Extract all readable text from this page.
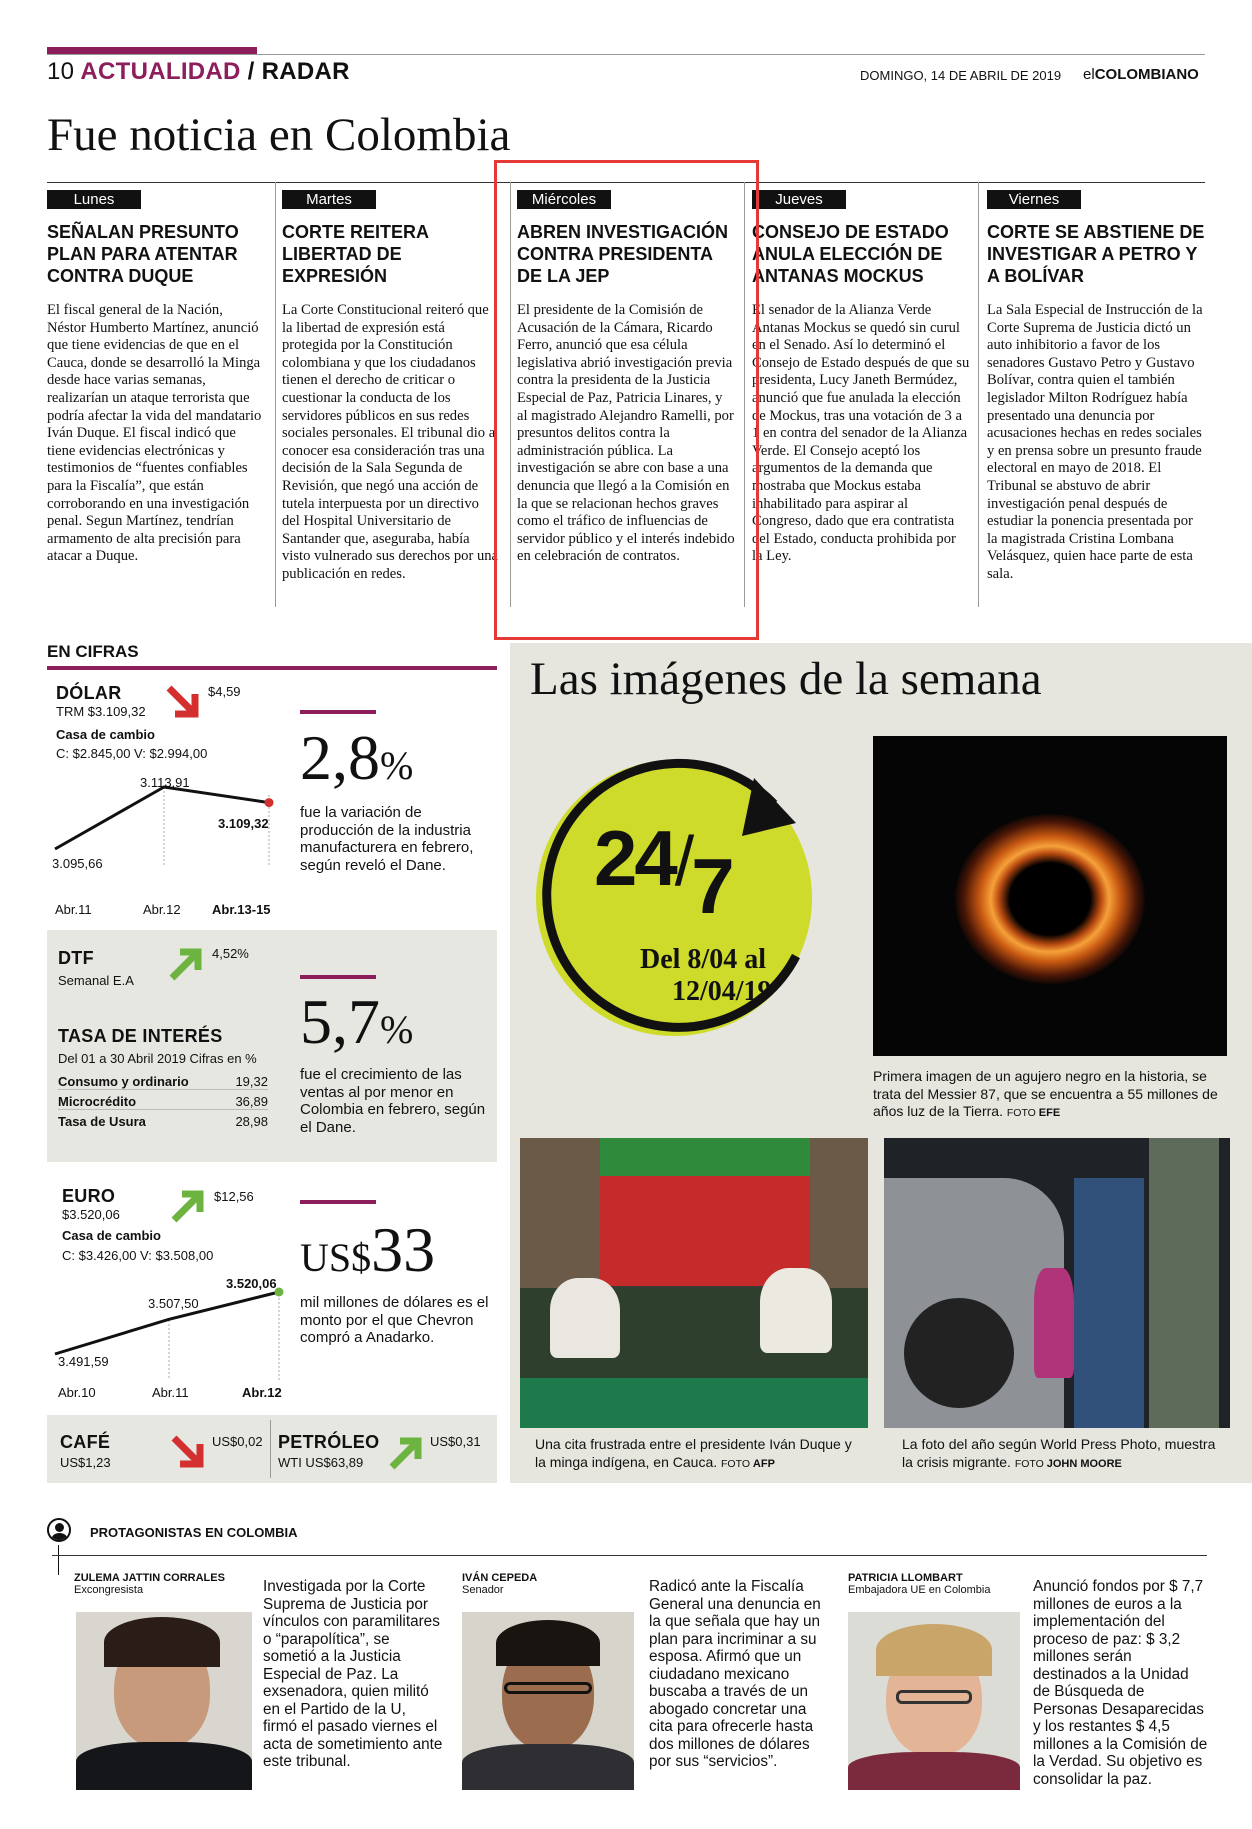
10 ACTUALIDAD / RADAR	DOMINGO, 14 DE ABRIL DE 2019 elCOLOMBIANO
Fue noticia en Colombia
Lunes
SEÑALAN PRESUNTO PLAN PARA ATENTAR CONTRA DUQUE

El fiscal general de la Nación, Néstor Humberto Martínez, anunció que tiene evidencias de que en el Cauca, donde se desarrolló la Minga desde hace varias semanas, realizarían un ataque terrorista que podría afectar la vida del mandatario Iván Duque. El fiscal indicó que tiene evidencias electrónicas y testimonios de “fuentes confiables para la Fiscalía”, que están corroborando en una investigación penal. Segun Martínez, tendrían armamento de alta precisión para atacar a Duque.

Martes
CORTE REITERA LIBERTAD DE EXPRESIÓN

La Corte Constitucional reiteró que la libertad de expresión está protegida por la Constitución colombiana y que los ciudadanos tienen el derecho de criticar o cuestionar la conducta de los servidores públicos en sus redes sociales personales. El tribunal dio a conocer esa consideración tras una decisión de la Sala Segunda de Revisión, que negó una acción de tutela interpuesta por un directivo del Hospital Universitario de Santander que, aseguraba, había visto vulnerado sus derechos por una publicación en redes.

Miércoles
ABREN INVESTIGACIÓN CONTRA PRESIDENTA DE LA JEP

El presidente de la Comisión de Acusación de la Cámara, Ricardo Ferro, anunció que esa célula legislativa abrió investigación previa contra la presidenta de la Justicia Especial de Paz, Patricia Linares, y al magistrado Alejandro Ramelli, por presuntos delitos contra la administración pública. La investigación se abre con base a una denuncia que llegó a la Comisión en la que se relacionan hechos graves como el tráfico de influencias de servidor público y el interés indebido en celebración de contratos.

Jueves
CONSEJO DE ESTADO ANULA ELECCIÓN DE ANTANAS MOCKUS

El senador de la Alianza Verde Antanas Mockus se quedó sin curul en el Senado. Así lo determinó el Consejo de Estado después de que su presidenta, Lucy Janeth Bermúdez, anunció que fue anulada la elección de Mockus, tras una votación de 3 a 1 en contra del senador de la Alianza Verde. El Consejo aceptó los argumentos de la demanda que mostraba que Mockus estaba inhabilitado para aspirar al Congreso, dado que era contratista del Estado, conducta prohibida por la Ley.

Viernes
CORTE SE ABSTIENE DE INVESTIGAR A PETRO Y A BOLÍVAR

La Sala Especial de Instrucción de la Corte Suprema de Justicia dictó un auto inhibitorio a favor de los senadores Gustavo Petro y Gustavo Bolívar, contra quien el también legislador Milton Rodríguez había presentado una denuncia por acusaciones hechas en redes sociales y en prensa sobre un presunto fraude electoral en mayo de 2018. El Tribunal se abstuvo de abrir investigación penal después de estudiar la ponencia presentada por la magistrada Cristina Lombana Velásquez, quien hace parte de esta sala.

EN CIFRAS
DÓLAR
TRM $3.109,32
Casa de cambio
C: $2.845,00 V: $2.994,00
$4,59
3.095,66
3.113,91
3.109,32
Abr.11	Abr.12 Abr.13-15
DTF
Semanal E.A
4,52%
TASA DE INTERÉS
Del 01 a 30 Abril 2019 Cifras en %
Consumo y ordinario	19,32
Microcrédito	36,89
Tasa de Usura	28,98
EURO
$3.520,06
Casa de cambio
C: $3.426,00 V: $3.508,00
$12,56
3.491,59
3.507,50
3.520,06
Abr.10	Abr.11	Abr.12
CAFÉ
US$1,23
US$0,02 PETRÓLEO
WTI US$63,89
US$0,31
2,8%
fue la variación de producción de la industria manufacturera en febrero, según reveló el Dane.
5,7%
fue el crecimiento de las ventas al por menor en Colombia en febrero, según el Dane.
US$33
mil millones de dólares es el monto por el que Chevron compró a Anadarko.
Las imágenes de la semana
24/7
Del 8/04 al
12/04/19
Primera imagen de un agujero negro en la historia, se trata del Messier 87, que se encuentra a 55 millones de años luz de la Tierra. FOTO EFE
Una cita frustrada entre el presidente Iván Duque y la minga indígena, en Cauca. FOTO AFP
La foto del año según World Press Photo, muestra la crisis migrante. FOTO JOHN MOORE
PROTAGONISTAS EN COLOMBIA
ZULEMA JATTIN CORRALES
Excongresista	Investigada por la Corte Suprema de Justicia por vínculos con paramilitares o “parapolítica”, se sometió a la Justicia Especial de Paz. La exsenadora, quien militó en el Partido de la U, firmó el pasado viernes el acta de sometimiento ante este tribunal.
IVÁN CEPEDA
Senador	Radicó ante la Fiscalía General una denuncia en la que señala que hay un plan para incriminar a su esposa. Afirmó que un ciudadano mexicano buscaba a través de un abogado concretar una cita para ofrecerle hasta dos millones de dólares por sus “servicios”.
PATRICIA LLOMBART
Embajadora UE en Colombia	Anunció fondos por $ 7,7 millones de euros a la implementación del proceso de paz: $ 3,2 millones serán destinados a la Unidad de Búsqueda de Personas Desaparecidas y los restantes $ 4,5 millones a la Comisión de la Verdad. Su objetivo es consolidar la paz.
